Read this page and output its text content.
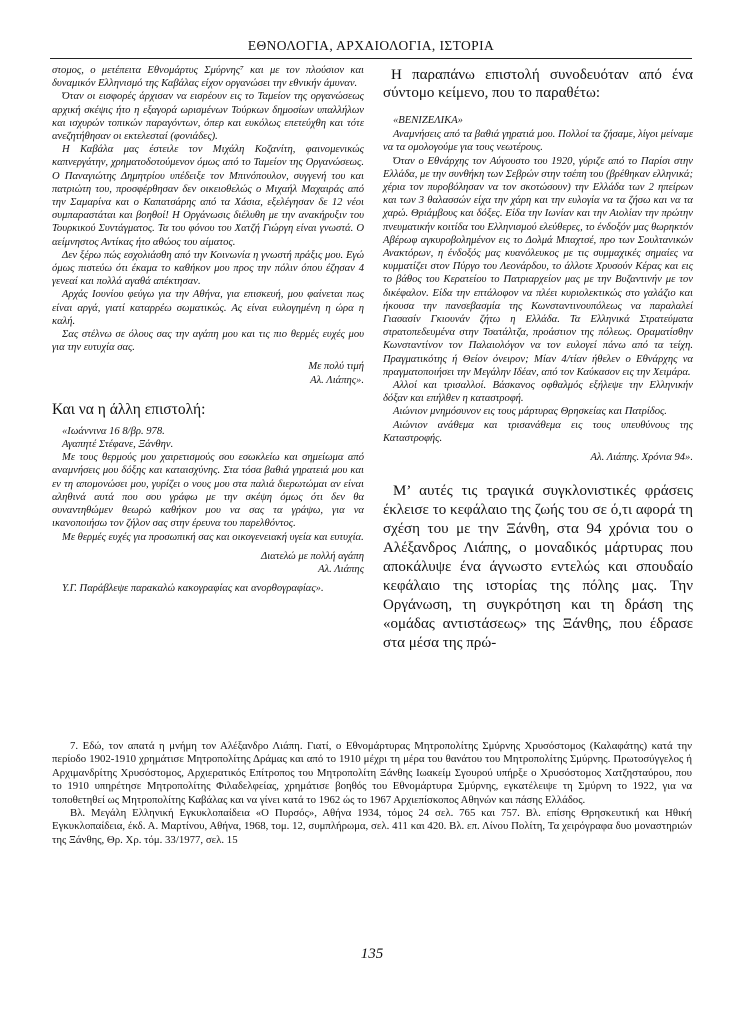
ΕΘΝΟΛΟΓΙΑ, ΑΡΧΑΙΟΛΟΓΙΑ, ΙΣΤΟΡΙΑ

στομος, ο μετέπειτα Εθνομάρτυς Σμύρνης⁷ και με τον πλούσιον και δυναμικόν Ελληνισμό της Καβάλας είχον οργανώσει την εθνικήν άμυναν.

Όταν οι εισφορές άρχισαν να εισρέουν εις το Ταμείον της οργανώσεως αρχική σκέψις ήτο η εξαγορά ωρισμένων Τούρκων δημοσίων υπαλλήλων και ισχυρών τοπικών παραγόντων, όπερ και ευκόλως επετεύχθη και τότε ανεζητήθησαν οι εκτελεσταί (φονιάδες).

Η Καβάλα μας έστειλε τον Μιχάλη Κοζανίτη, φαινομενικώς καπνεργάτην, χρηματοδοτούμενον όμως από το Ταμείον της Οργανώσεως. Ο Παναγιώτης Δημητρίου υπέδειξε τον Μπινόπουλον, συγγενή του και πατριώτη του, προσφέρθησαν δεν οικειοθελώς ο Μιχαήλ Μαχαιράς από την Σαμαρίνα και ο Καπατσάρης από τα Χάσια, εξελέγησαν δε 12 νέοι συμπαραστάται και βοηθοί! Η Οργάνωσις διέλυθη με την ανακήρυξιν του Τουρκικού Συντάγματος. Τα του φόνου του Χατζή Γιώργη είναι γνωστά. Ο αείμνηστος Αντίκας ήτο αθώος του αίματος.

Δεν ξέρω πώς εσχολιάσθη από την Κοινωνία η γνωστή πράξις μου. Εγώ όμως πιστεύω ότι έκαμα το καθήκον μου προς την πόλιν όπου έζησαν 4 γενεαί και πολλά αγαθά απέκτησαν.

Αρχάς Ιουνίου φεύγω για την Αθήνα, για επισκευή, μου φαίνεται πως είναι αργά, γιατί καταρρέω σωματικώς. Ας είναι ευλογημένη η ώρα η καλή.

Σας στέλνω σε όλους σας την αγάπη μου και τις πιο θερμές ευχές μου για την ευτυχία σας.

Με πολύ τιμή

Αλ. Λιάπης».

Και να η άλλη επιστολή:

«Ιωάννινα 16 8/βρ. 978.

Αγαπητέ Στέφανε, Ξάνθην.

Με τους θερμούς μου χαιρετισμούς σου εσωκλείω και σημείωμα από αναμνήσεις μου δόξης και καταισχύνης. Στα τόσα βαθιά γηρατειά μου και εν τη απομονώσει μου, γυρίζει ο νους μου στα παλιά διερωτώμαι αν είναι αληθινά αυτά που σου γράφω με την σκέψη όμως ότι δεν θα συναντηθώμεν θεωρώ καθήκον μου να σας τα γράψω, για να ικανοποιήσω τον ζήλον σας στην έρευνα του παρελθόντος.

Με θερμές ευχές για προσωπική σας και οικογενειακή υγεία και ευτυχία.

Διατελώ με πολλή αγάπη

Αλ. Λιάπης

Υ.Γ. Παράβλεψε παρακαλώ κακογραφίας και ανορθογραφίας».

Η παραπάνω επιστολή συνοδευόταν από ένα σύντομο κείμενο, που το παραθέτω:

«ΒΕΝΙΖΕΛΙΚΑ»

Αναμνήσεις από τα βαθιά γηρατιά μου. Πολλοί τα ζήσαμε, λίγοι μείναμε να τα ομολογούμε για τους νεωτέρους.

Όταν ο Εθνάρχης τον Αύγουστο του 1920, γύριζε από το Παρίσι στην Ελλάδα, με την συνθήκη των Σεβρών στην τσέπη του (βρέθηκαν ελληνικά; χέρια τον πυροβόλησαν να τον σκοτώσουν) την Ελλάδα των 2 ηπείρων και των 3 θαλασσών είχα την χάρη και την ευλογία να τα ζήσω και να τα χαρώ. Θριάμβους και δόξες. Είδα την Ιωνίαν και την Αιολίαν την πρώτην πνευματικήν κοιτίδα του Ελληνισμού ελεύθερες, το ένδοξόν μας θωρηκτόν Αβέρωφ αγκυροβολημένον εις το Δολμά Μπαχτσέ, προ των Σουλτανικών Ανακτόρων, η ένδοξός μας κυανόλευκος με τις συμμαχικές σημαίες να κυμματίζει στον Πύργο του Λεονάρδου, το άλλοτε Χρυσούν Κέρας και εις το βάθος του Κερατείου το Πατριαρχείον μας με την Βυζαντινήν με τον δικέφαλον. Είδα την επτάλοφον να πλέει κυριολεκτικώς στο γαλάζιο και ήκουσα την πανσεβασμία της Κωνσταντινουπόλεως να παραλαλεί Γιασασίν Γκιουνάν ζήτω η Ελλάδα. Τα Ελληνικά Στρατεύματα στρατοπεδευμένα στην Τσατάλτζα, προάστιον της πόλεως. Οραματίσθην Κωνσταντίνον τον Παλαιολόγον να τον ευλογεί πάνω από τα τείχη. Πραγματικότης ή Θείον όνειρον; Μίαν 4/τίαν ήθελεν ο Εθνάρχης να πραγματοποιήσει την Μεγάλην Ιδέαν, από τον Καύκασον εις την Χειμάρα.

Αλλοί και τρισαλλοί. Βάσκανος οφθαλμός εξήλεψε την Ελληνικήν δόξαν και επήλθεν η καταστροφή.

Αιώνιον μνημόσυνον εις τους μάρτυρας Θρησκείας και Πατρίδος.

Αιώνιον ανάθεμα και τρισανάθεμα εις τους υπευθύνους της Καταστροφής.

Αλ. Λιάπης. Χρόνια 94».

Μ’ αυτές τις τραγικά συγκλονιστικές φράσεις έκλεισε το κεφάλαιο της ζωής του σε ό,τι αφορά τη σχέση του με την Ξάνθη, στα 94 χρόνια του ο Αλέξανδρος Λιάπης, ο μοναδικός μάρτυρας που αποκάλυψε ένα άγνωστο εντελώς και σπουδαίο κεφάλαιο της ιστορίας της πόλης μας. Την Οργάνωση, τη συγκρότηση και τη δράση της «ομάδας αντιστάσεως» της Ξάνθης, που έδρασε στα μέσα της πρώ-

7. Εδώ, τον απατά η μνήμη τον Αλέξανδρο Λιάπη. Γιατί, ο Εθνομάρτυρας Μητροπολίτης Σμύρνης Χρυσόστομος (Καλαφάτης) κατά την περίοδο 1902-1910 χρημάτισε Μητροπολίτης Δράμας και από το 1910 μέχρι τη μέρα του θανάτου του Μητροπολίτης Σμύρνης. Πρωτοσύγγελος ή Αρχιμανδρίτης Χρυσόστομος, Αρχιερατικός Επίτροπος του Μητροπολίτη Ξάνθης Ιωακείμ Σγουρού υπήρξε ο Χρυσόστομος Χατζησταύρου, που το 1910 υπηρέτησε Μητροπολίτης Φιλαδελφείας, χρημάτισε βοηθός του Εθνομάρτυρα Σμύρνης, εγκατέλειψε τη Σμύρνη το 1922, για να τοποθετηθεί ως Μητροπολίτης Καβάλας και να γίνει κατά το 1962 ώς το 1967 Αρχιεπίσκοπος Αθηνών και πάσης Ελλάδος.

Βλ. Μεγάλη Ελληνική Εγκυκλοπαίδεια «Ο Πυρσός», Αθήνα 1934, τόμος 24 σελ. 765 και 757. Βλ. επίσης Θρησκευτική και Ηθική Εγκυκλοπαίδεια, έκδ. Α. Μαρτίνου, Αθήνα, 1968, τομ. 12, συμπλήρωμα, σελ. 411 και 420. Βλ. επ. Λίνου Πολίτη, Τα χειρόγραφα δυο μοναστηριών της Ξάνθης, Θρ. Χρ. τόμ. 33/1977, σελ. 15

135
